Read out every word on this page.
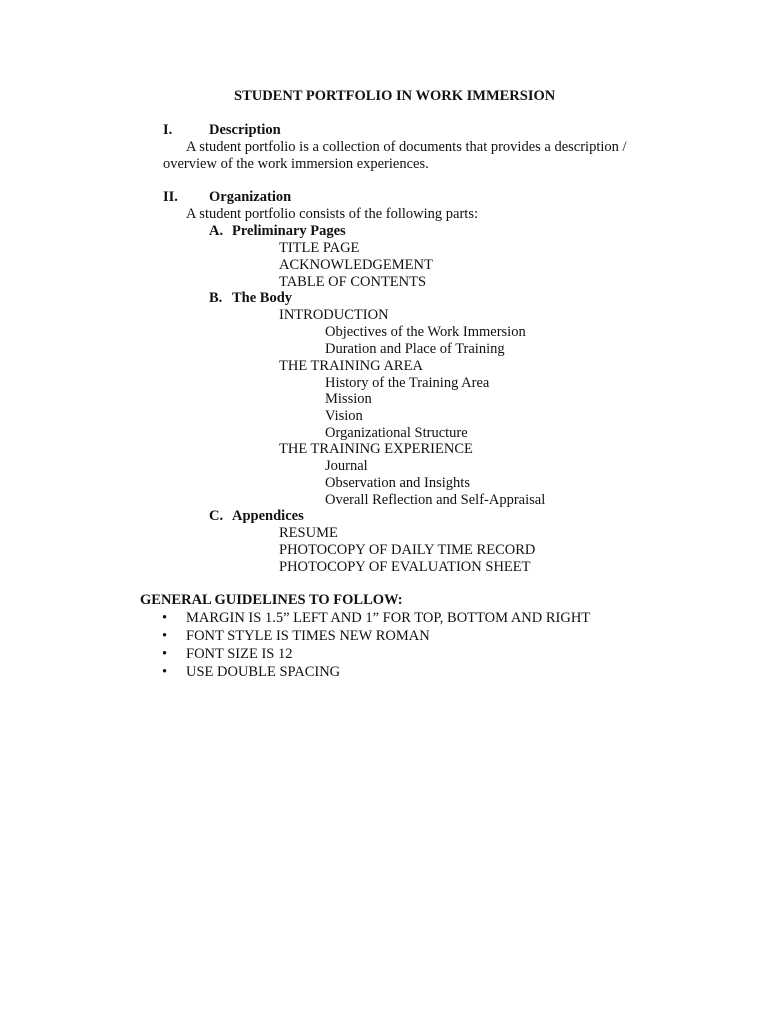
STUDENT PORTFOLIO IN WORK IMMERSION
I.	Description
A student portfolio is a collection of documents that provides a description /
overview of the work immersion experiences.
II. Organization
A student portfolio consists of the following parts:
A. Preliminary Pages
TITLE PAGE
ACKNOWLEDGEMENT
TABLE OF CONTENTS
B. The Body
INTRODUCTION
Objectives of the Work Immersion
Duration and Place of Training
THE TRAINING AREA
History of the Training Area
Mission
Vision
Organizational Structure
THE TRAINING EXPERIENCE
Journal
Observation and Insights
Overall Reflection and Self-Appraisal
C. Appendices
RESUME
PHOTOCOPY OF DAILY TIME RECORD
PHOTOCOPY OF EVALUATION SHEET
GENERAL GUIDELINES TO FOLLOW:
• MARGIN IS 1.5” LEFT AND 1” FOR TOP, BOTTOM AND RIGHT
• FONT STYLE IS TIMES NEW ROMAN
• FONT SIZE IS 12
• USE DOUBLE SPACING
